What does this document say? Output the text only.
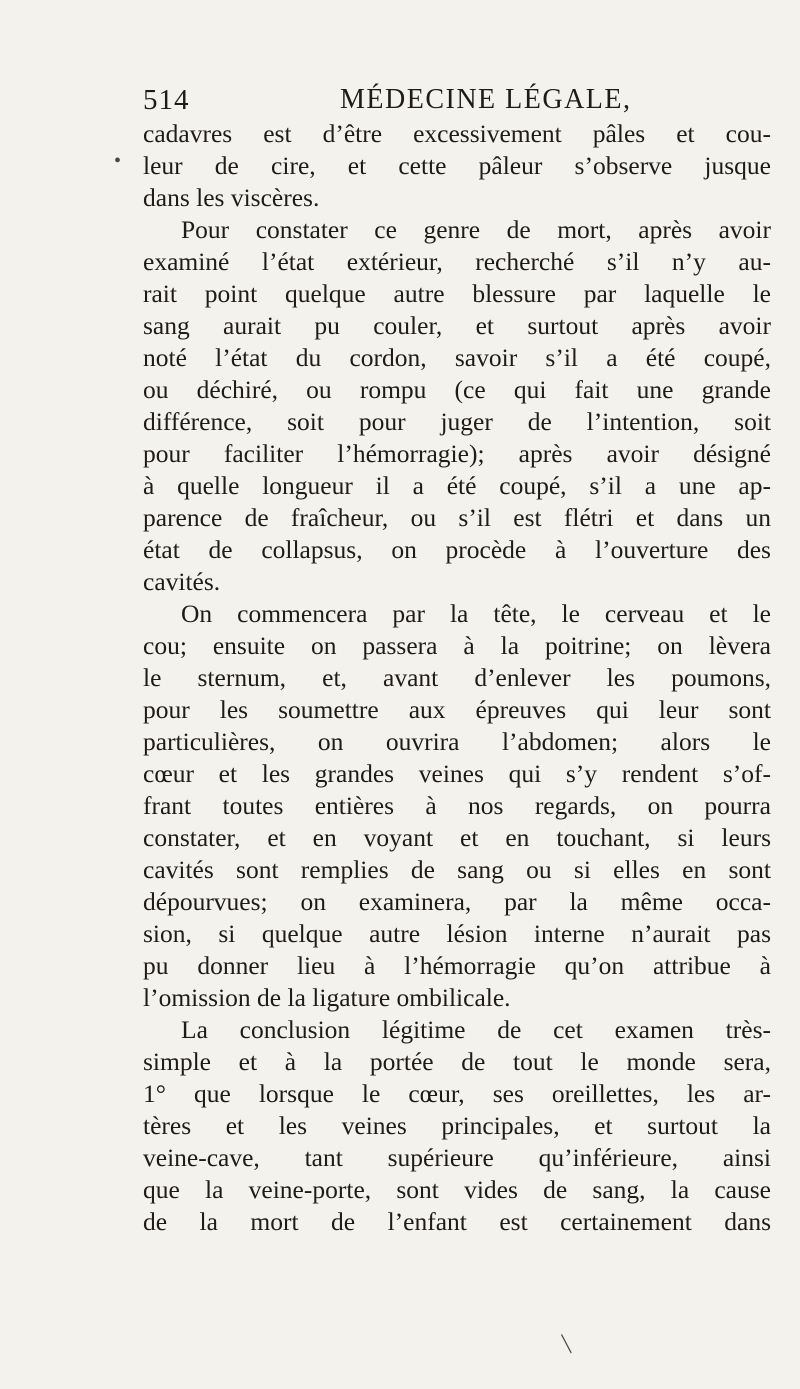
514	MÉDECINE LÉGALE,
cadavres est d’être excessivement pâles et cou-
leur de cire, et cette pâleur s’observe jusque
dans les viscères.
Pour constater ce genre de mort, après avoir
examiné l’état extérieur, recherché s’il n’y au-
rait point quelque autre blessure par laquelle le
sang aurait pu couler, et surtout après avoir
noté l’état du cordon, savoir s’il a été coupé,
ou déchiré, ou rompu (ce qui fait une grande
différence, soit pour juger de l’intention, soit
pour faciliter l’hémorragie); après avoir désigné
à quelle longueur il a été coupé, s’il a une ap-
parence de fraîcheur, ou s’il est flétri et dans un
état de collapsus, on procède à l’ouverture des
cavités.
On commencera par la tête, le cerveau et le
cou; ensuite on passera à la poitrine; on lèvera
le sternum, et, avant d’enlever les poumons,
pour les soumettre aux épreuves qui leur sont
particulières, on ouvrira l’abdomen; alors le
cœur et les grandes veines qui s’y rendent s’of-
frant toutes entières à nos regards, on pourra
constater, et en voyant et en touchant, si leurs
cavités sont remplies de sang ou si elles en sont
dépourvues; on examinera, par la même occa-
sion, si quelque autre lésion interne n’aurait pas
pu donner lieu à l’hémorragie qu’on attribue à
l’omission de la ligature ombilicale.
La conclusion légitime de cet examen très-
simple et à la portée de tout le monde sera,
1° que lorsque le cœur, ses oreillettes, les ar-
tères et les veines principales, et surtout la
veine-cave, tant supérieure qu’inférieure, ainsi
que la veine-porte, sont vides de sang, la cause
de la mort de l’enfant est certainement dans
•
╱
